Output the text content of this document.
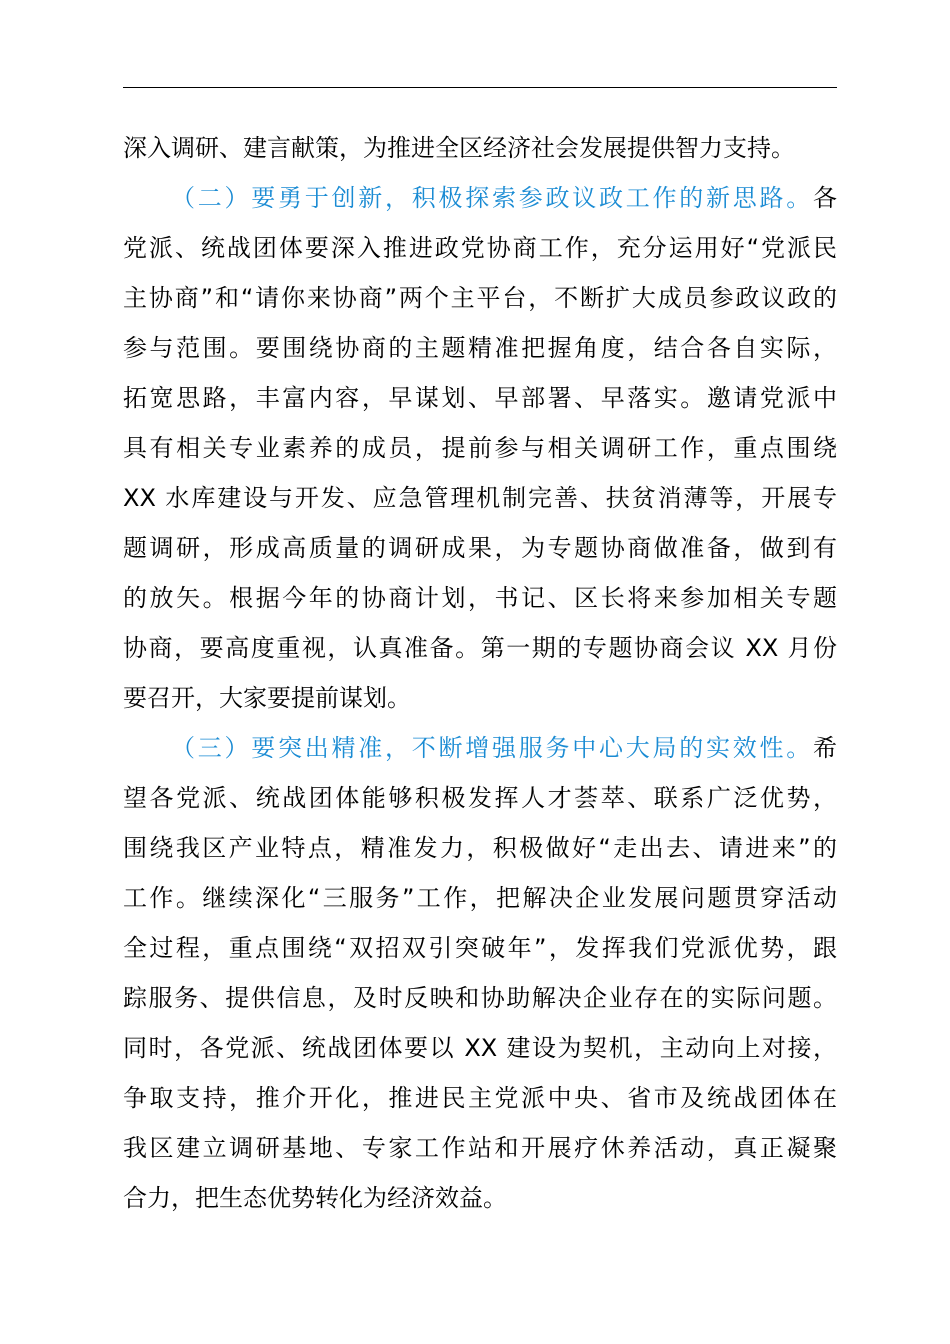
深入调研、建言献策，为推进全区经济社会发展提供智力支持。
（二）要勇于创新，积极探索参政议政工作的新思路。各
党派、统战团体要深入推进政党协商工作，充分运用好“党派民
主协商”和“请你来协商”两个主平台，不断扩大成员参政议政的
参与范围。要围绕协商的主题精准把握角度，结合各自实际，
拓宽思路，丰富内容，早谋划、早部署、早落实。邀请党派中
具有相关专业素养的成员，提前参与相关调研工作，重点围绕
XX 水库建设与开发、应急管理机制完善、扶贫消薄等，开展专
题调研，形成高质量的调研成果，为专题协商做准备，做到有
的放矢。根据今年的协商计划，书记、区长将来参加相关专题
协商，要高度重视，认真准备。第一期的专题协商会议 XX 月份
要召开，大家要提前谋划。
（三）要突出精准，不断增强服务中心大局的实效性。希
望各党派、统战团体能够积极发挥人才荟萃、联系广泛优势，
围绕我区产业特点，精准发力，积极做好“走出去、请进来”的
工作。继续深化“三服务”工作，把解决企业发展问题贯穿活动
全过程，重点围绕“双招双引突破年”，发挥我们党派优势，跟
踪服务、提供信息，及时反映和协助解决企业存在的实际问题。
同时，各党派、统战团体要以 XX 建设为契机，主动向上对接，
争取支持，推介开化，推进民主党派中央、省市及统战团体在
我区建立调研基地、专家工作站和开展疗休养活动，真正凝聚
合力，把生态优势转化为经济效益。
